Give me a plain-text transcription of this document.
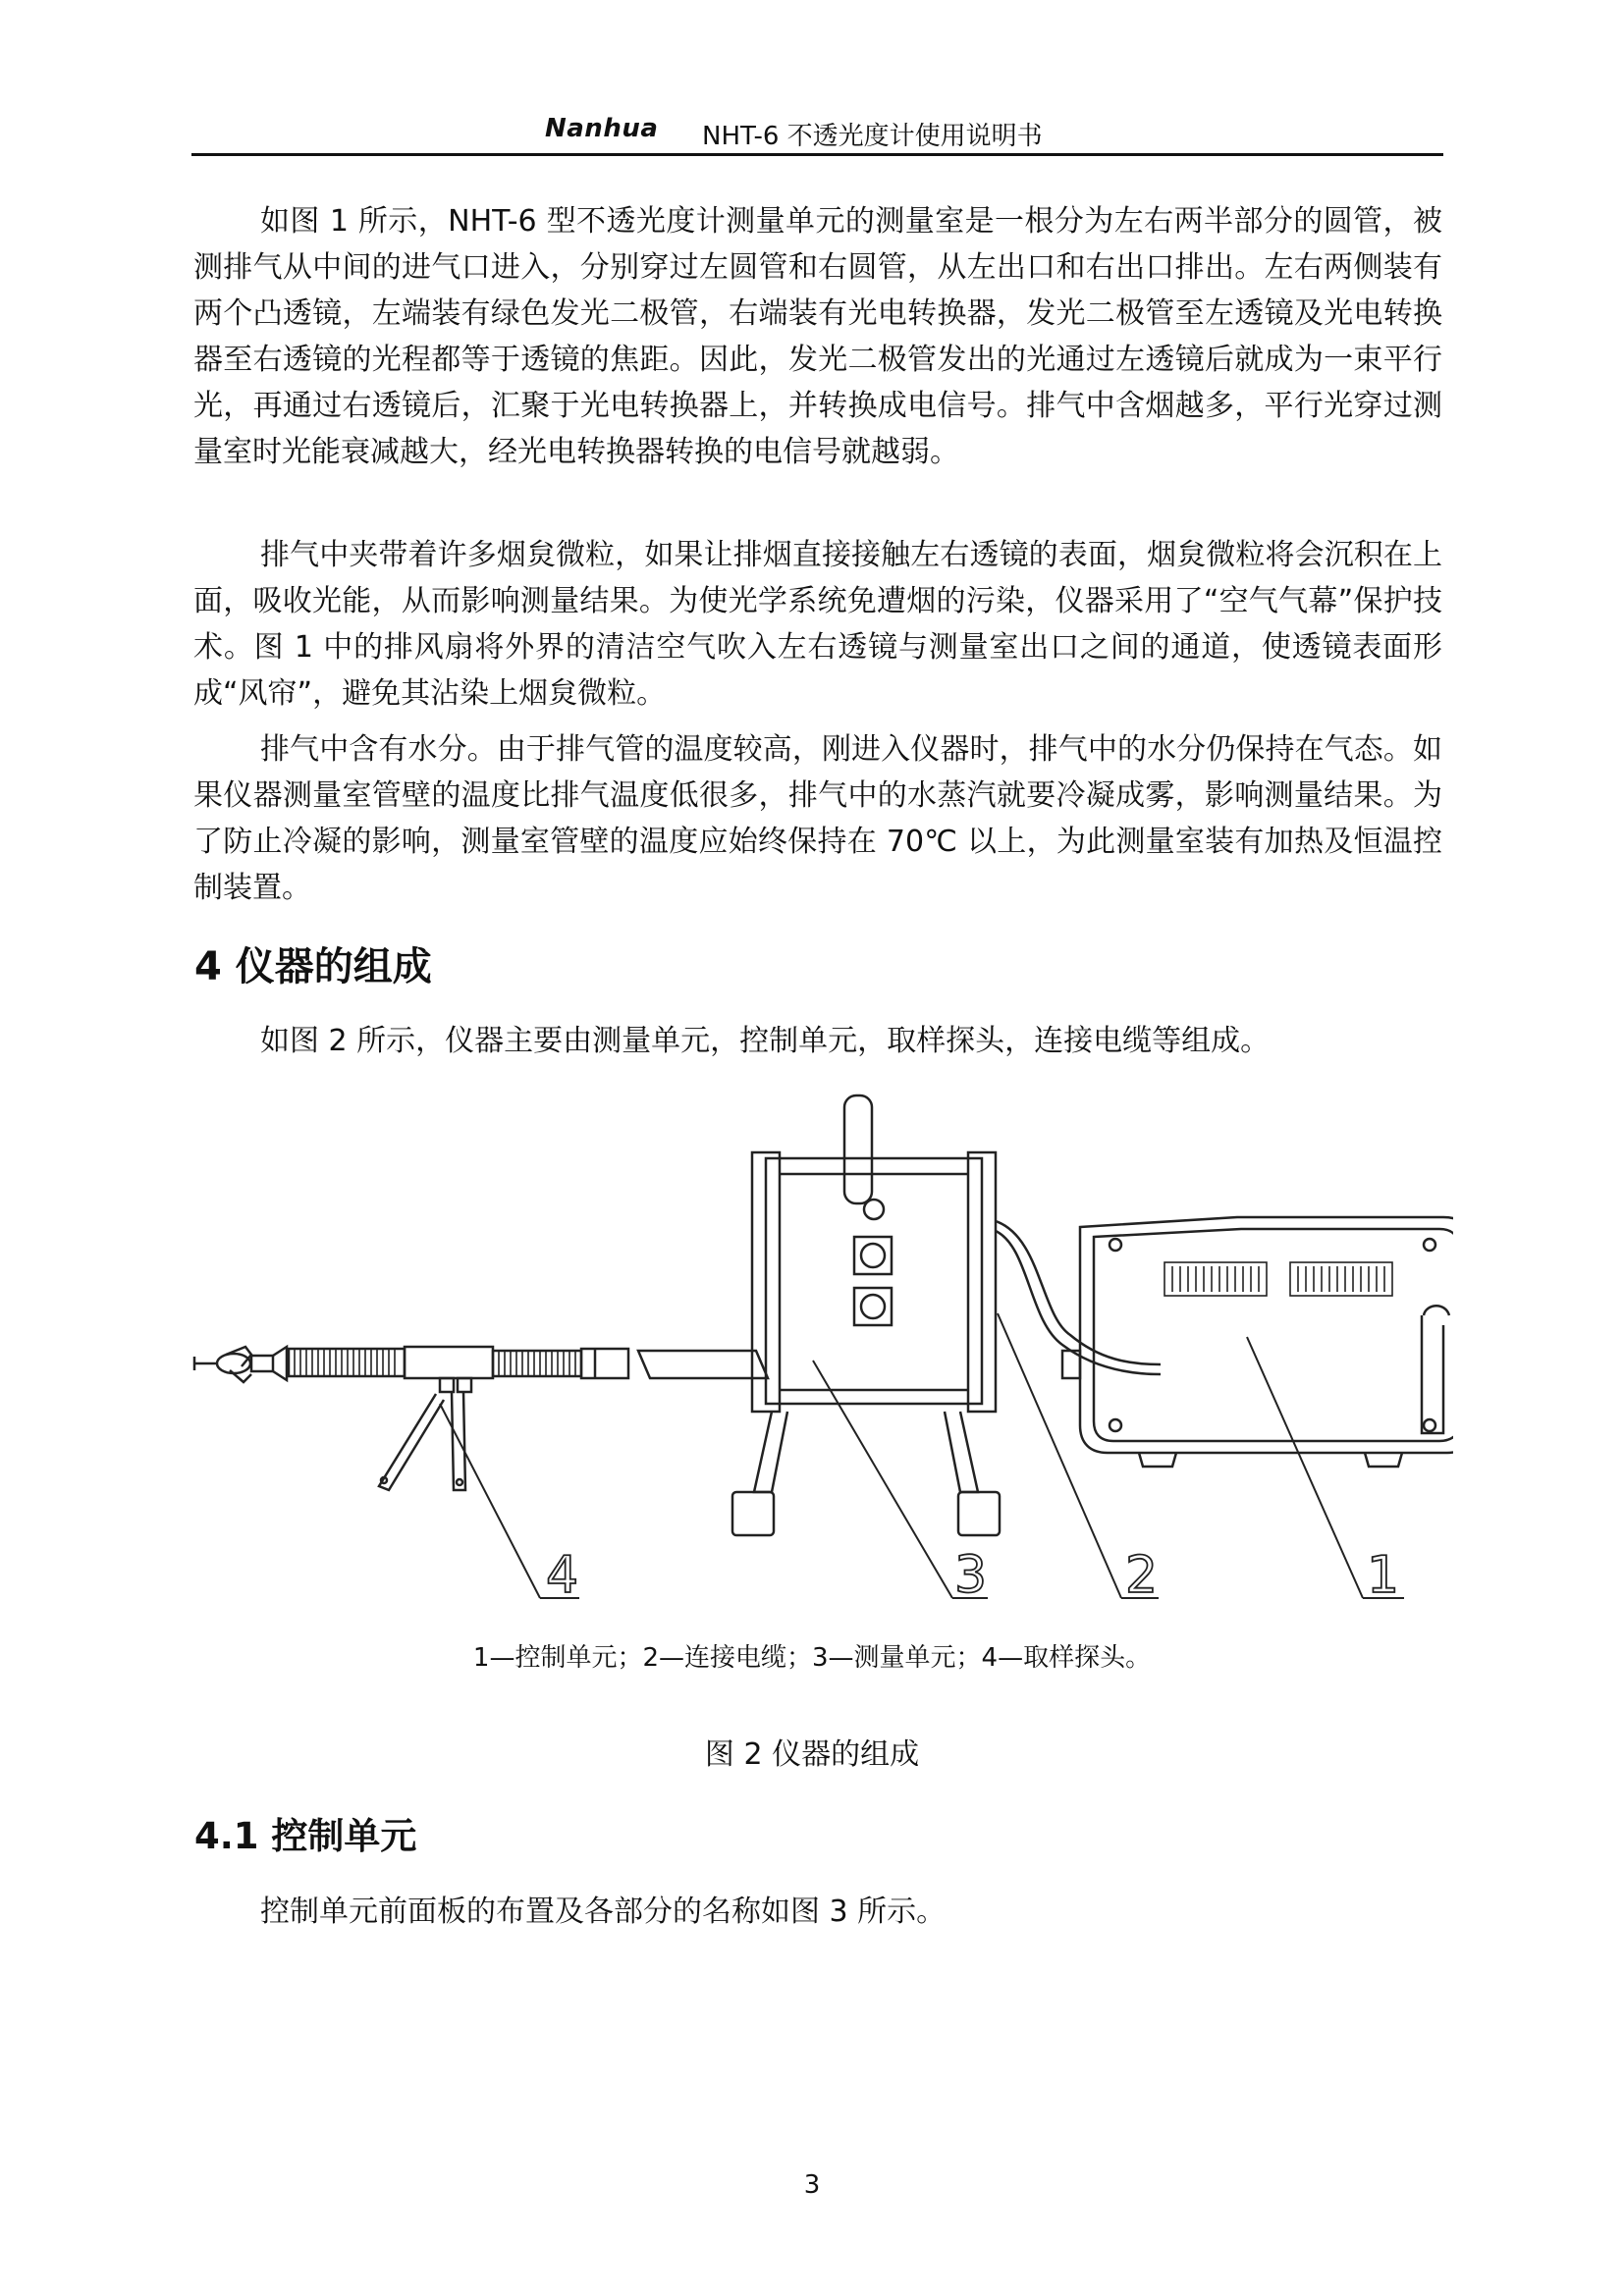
Nanhua NHT-6 不透光度计使用说明书

如图 1 所示，NHT-6 型不透光度计测量单元的测量室是一根分为左右两半部分的圆管，被测排气从中间的进气口进入，分别穿过左圆管和右圆管，从左出口和右出口排出。左右两侧装有两个凸透镜，左端装有绿色发光二极管，右端装有光电转换器，发光二极管至左透镜及光电转换器至右透镜的光程都等于透镜的焦距。因此，发光二极管发出的光通过左透镜后就成为一束平行光，再通过右透镜后，汇聚于光电转换器上，并转换成电信号。排气中含烟越多，平行光穿过测量室时光能衰减越大，经光电转换器转换的电信号就越弱。

排气中夹带着许多烟炱微粒，如果让排烟直接接触左右透镜的表面，烟炱微粒将会沉积在上面，吸收光能，从而影响测量结果。为使光学系统免遭烟的污染，仪器采用了“空气气幕”保护技术。图 1 中的排风扇将外界的清洁空气吹入左右透镜与测量室出口之间的通道，使透镜表面形成“风帘”，避免其沾染上烟炱微粒。

排气中含有水分。由于排气管的温度较高，刚进入仪器时，排气中的水分仍保持在气态。如果仪器测量室管壁的温度比排气温度低很多，排气中的水蒸汽就要冷凝成雾，影响测量结果。为了防止冷凝的影响，测量室管壁的温度应始终保持在 70℃ 以上，为此测量室装有加热及恒温控制装置。

4 仪器的组成
如图 2 所示，仪器主要由测量单元，控制单元，取样探头，连接电缆等组成。
4	3	2	1
1—控制单元；2—连接电缆；3—测量单元；4—取样探头。
图 2 仪器的组成
4.1 控制单元
控制单元前面板的布置及各部分的名称如图 3 所示。
3
